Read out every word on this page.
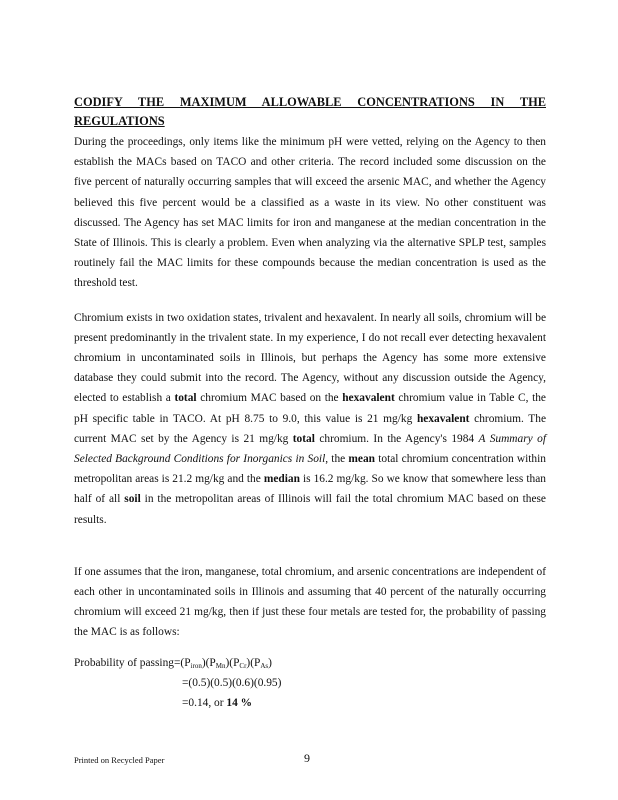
CODIFY THE MAXIMUM ALLOWABLE CONCENTRATIONS IN THE
REGULATIONS

During the proceedings, only items like the minimum pH were vetted, relying on the Agency to then establish the MACs based on TACO and other criteria. The record included some discussion on the five percent of naturally occurring samples that will exceed the arsenic MAC, and whether the Agency believed this five percent would be a classified as a waste in its view. No other constituent was discussed. The Agency has set MAC limits for iron and manganese at the median concentration in the State of Illinois. This is clearly a problem. Even when analyzing via the alternative SPLP test, samples routinely fail the MAC limits for these compounds because the median concentration is used as the threshold test.

Chromium exists in two oxidation states, trivalent and hexavalent. In nearly all soils, chromium will be present predominantly in the trivalent state. In my experience, I do not recall ever detecting hexavalent chromium in uncontaminated soils in Illinois, but perhaps the Agency has some more extensive database they could submit into the record. The Agency, without any discussion outside the Agency, elected to establish a total chromium MAC based on the hexavalent chromium value in Table C, the pH specific table in TACO. At pH 8.75 to 9.0, this value is 21 mg/kg hexavalent chromium. The current MAC set by the Agency is 21 mg/kg total chromium. In the Agency's 1984 A Summary of Selected Background Conditions for Inorganics in Soil, the mean total chromium concentration within metropolitan areas is 21.2 mg/kg and the median is 16.2 mg/kg. So we know that somewhere less than half of all soil in the metropolitan areas of Illinois will fail the total chromium MAC based on these results.

If one assumes that the iron, manganese, total chromium, and arsenic concentrations are independent of each other in uncontaminated soils in Illinois and assuming that 40 percent of the naturally occurring chromium will exceed 21 mg/kg, then if just these four metals are tested for, the probability of passing the MAC is as follows:

Probability of $passing=(P_{iron})(P_{Mn})(P_{Cr})(P_{As})$
=(0.5)(0.5)(0.6)(0.95)
=0.14, or 14 %
Printed on Recycled Paper	9
